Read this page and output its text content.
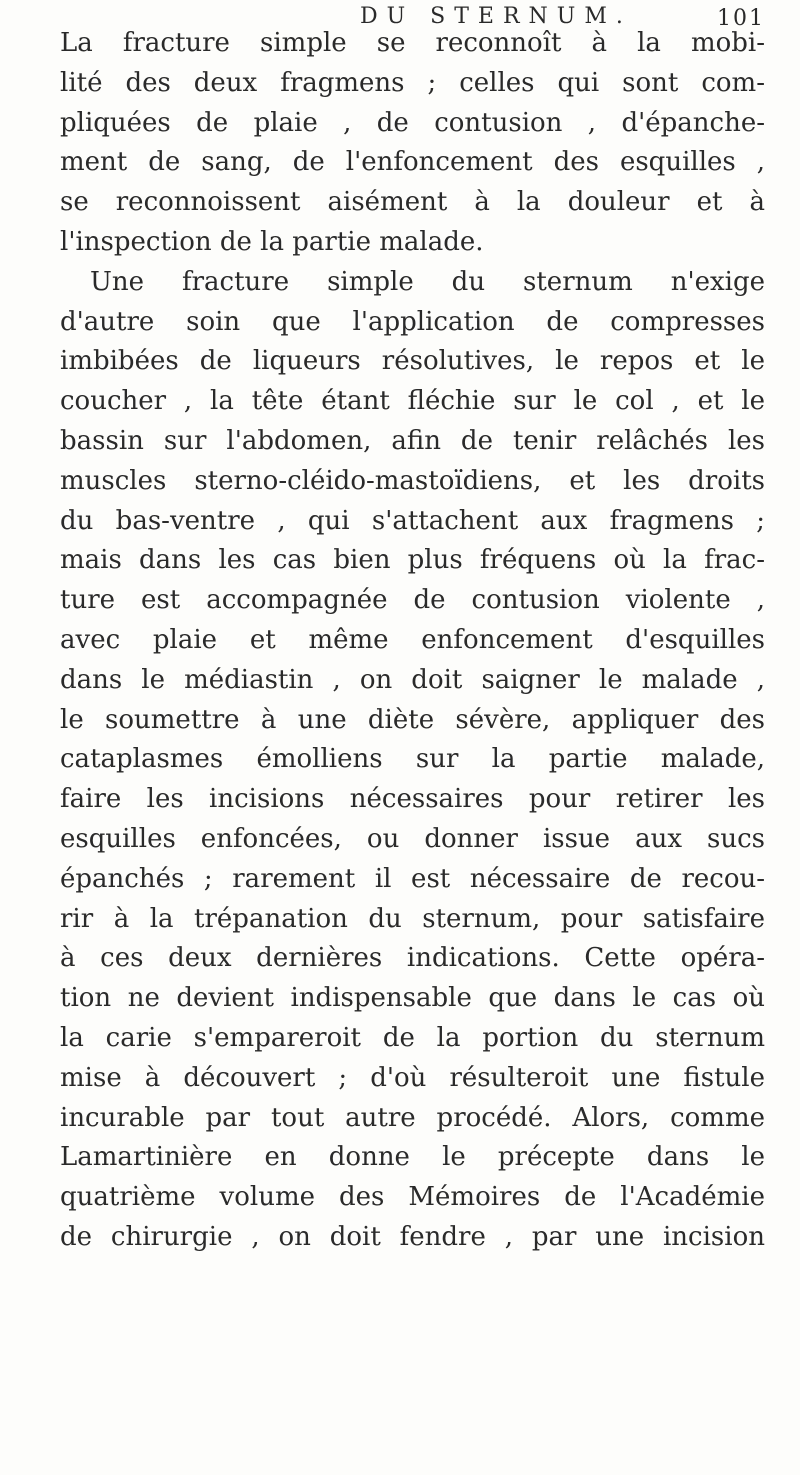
DU STERNUM.	101
La fracture simple se reconnoît à la mobi-
lité des deux fragmens ; celles qui sont com-
pliquées de plaie , de contusion , d'épanche-
ment de sang, de l'enfoncement des esquilles ,
se reconnoissent aisément à la douleur et à
l'inspection de la partie malade.
Une fracture simple du sternum n'exige
d'autre soin que l'application de compresses
imbibées de liqueurs résolutives, le repos et le
coucher , la tête étant fléchie sur le col , et le
bassin sur l'abdomen, afin de tenir relâchés les
muscles sterno-cléido-mastoïdiens, et les droits
du bas-ventre , qui s'attachent aux fragmens ;
mais dans les cas bien plus fréquens où la frac-
ture est accompagnée de contusion violente ,
avec plaie et même enfoncement d'esquilles
dans le médiastin , on doit saigner le malade ,
le soumettre à une diète sévère, appliquer des
cataplasmes émolliens sur la partie malade,
faire les incisions nécessaires pour retirer les
esquilles enfoncées, ou donner issue aux sucs
épanchés ; rarement il est nécessaire de recou-
rir à la trépanation du sternum, pour satisfaire
à ces deux dernières indications. Cette opéra-
tion ne devient indispensable que dans le cas où
la carie s'empareroit de la portion du sternum
mise à découvert ; d'où résulteroit une fistule
incurable par tout autre procédé. Alors, comme
Lamartinière en donne le précepte dans le
quatrième volume des Mémoires de l'Académie
de chirurgie , on doit fendre , par une incision
